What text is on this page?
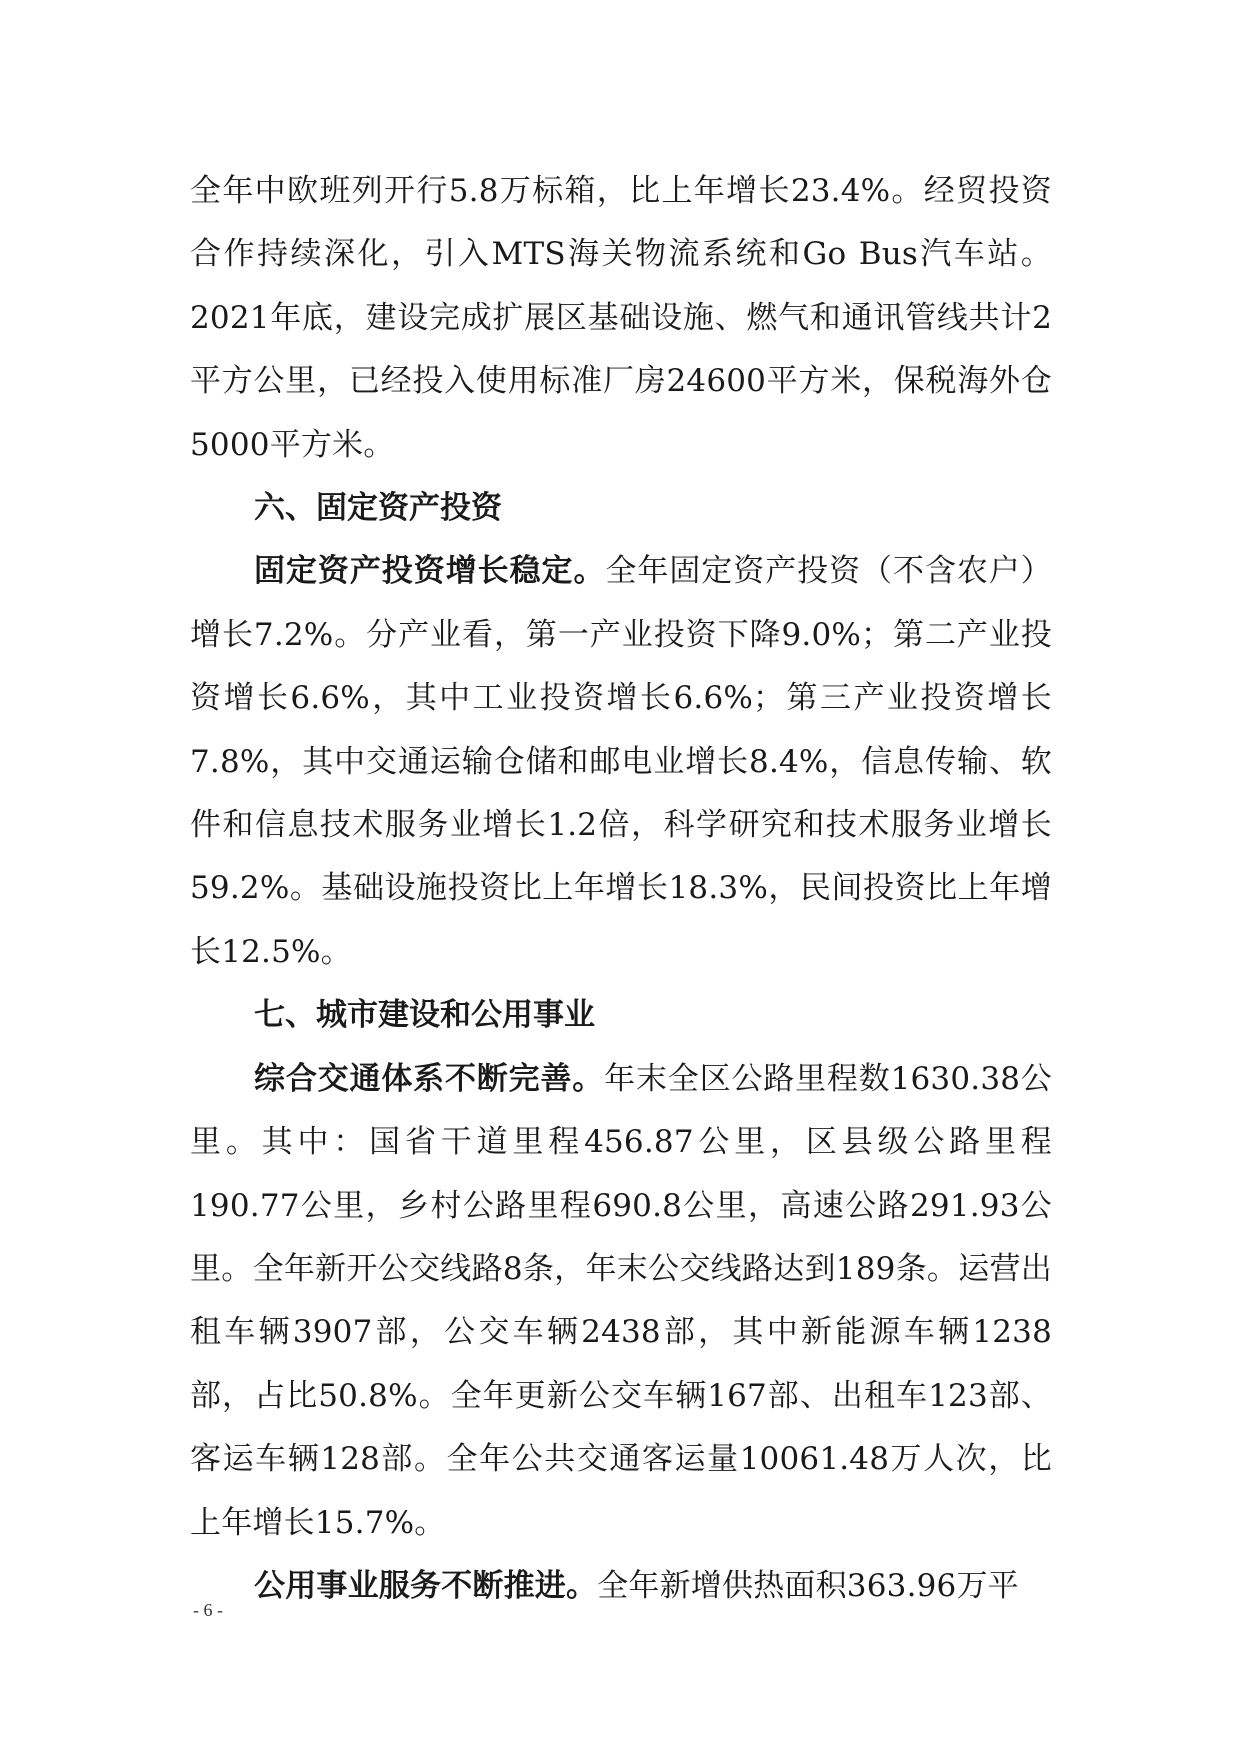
全年中欧班列开行5.8万标箱，比上年增长23.4%。经贸投资合作持续深化，引入MTS海关物流系统和Go Bus汽车站。2021年底，建设完成扩展区基础设施、燃气和通讯管线共计2平方公里，已经投入使用标准厂房24600平方米，保税海外仓5000平方米。

六、固定资产投资

固定资产投资增长稳定。全年固定资产投资（不含农户）增长7.2%。分产业看，第一产业投资下降9.0%；第二产业投资增长6.6%，其中工业投资增长6.6%；第三产业投资增长7.8%，其中交通运输仓储和邮电业增长8.4%，信息传输、软件和信息技术服务业增长1.2倍，科学研究和技术服务业增长59.2%。基础设施投资比上年增长18.3%，民间投资比上年增长12.5%。

七、城市建设和公用事业

综合交通体系不断完善。年末全区公路里程数1630.38公里。其中：国省干道里程456.87公里，区县级公路里程190.77公里，乡村公路里程690.8公里，高速公路291.93公里。全年新开公交线路8条，年末公交线路达到189条。运营出租车辆3907部，公交车辆2438部，其中新能源车辆1238部，占比50.8%。全年更新公交车辆167部、出租车123部、客运车辆128部。全年公共交通客运量10061.48万人次，比上年增长15.7%。

公用事业服务不断推进。全年新增供热面积363.96万平

- 6 -
